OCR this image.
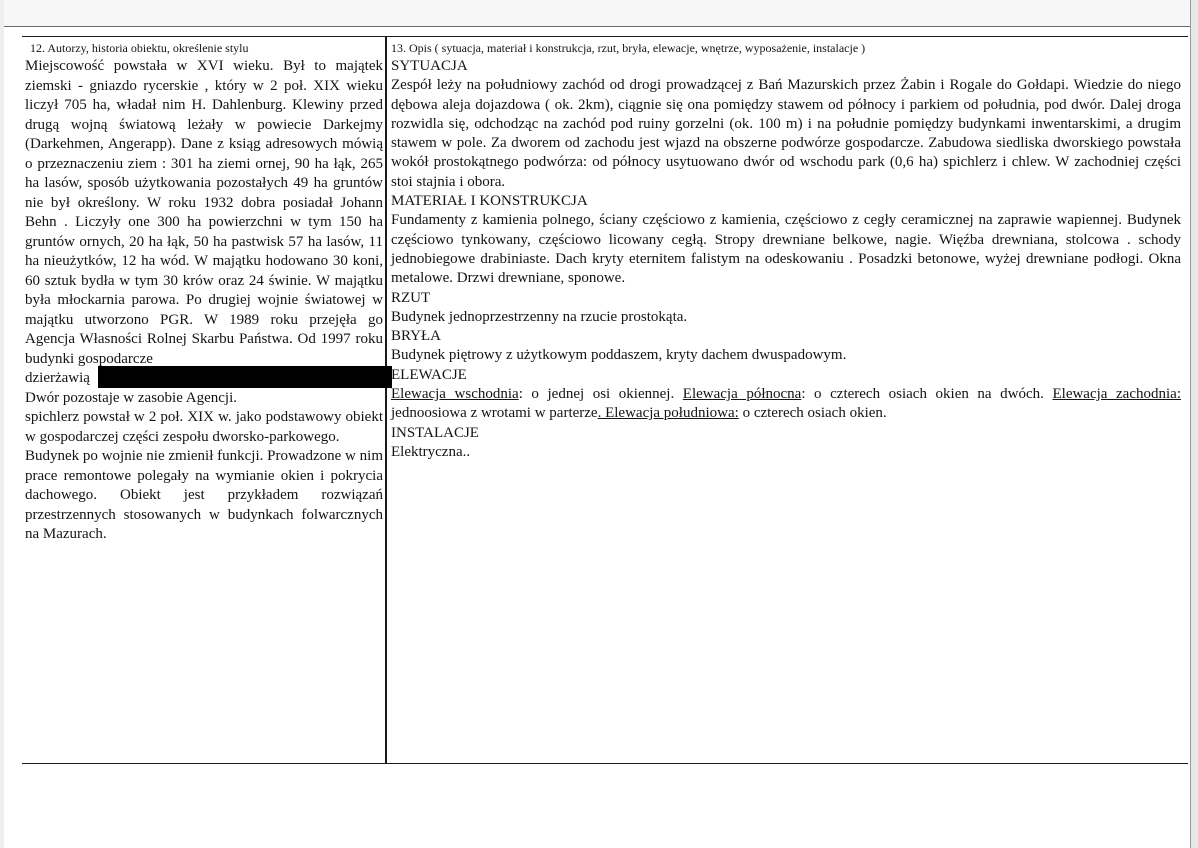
12. Autorzy, historia obiektu, określenie stylu

Miejscowość powstała w XVI wieku. Był to majątek ziemski - gniazdo rycerskie , który w 2 poł. XIX wieku liczył 705 ha, władał nim H. Dahlenburg. Klewiny przed drugą wojną światową leżały w powiecie Darkejmy (Darkehmen, Angerapp). Dane z ksiąg adresowych mówią o przeznaczeniu ziem : 301 ha ziemi ornej, 90 ha łąk, 265 ha lasów, sposób użytkowania pozostałych 49 ha gruntów nie był określony. W roku 1932 dobra posiadał Johann Behn . Liczyły one 300 ha powierzchni w tym 150 ha gruntów ornych, 20 ha łąk, 50 ha pastwisk 57 ha lasów, 11 ha nieużytków, 12 ha wód. W majątku hodowano 30 koni, 60 sztuk bydła w tym 30 krów oraz 24 świnie. W majątku była młockarnia parowa. Po drugiej wojnie światowej w majątku utworzono PGR. W 1989 roku przejęła go Agencja Własności Rolnej Skarbu Państwa. Od 1997 roku budynki gospodarcze

dzierżawią

Dwór pozostaje w zasobie Agencji.

spichlerz powstał w 2 poł. XIX w. jako podstawowy obiekt w gospodarczej części zespołu dworsko-parkowego.

Budynek po wojnie nie zmienił funkcji. Prowadzone w nim prace remontowe polegały na wymianie okien i pokrycia dachowego. Obiekt jest przykładem rozwiązań przestrzennych stosowanych w budynkach folwarcznych na Mazurach.

13. Opis ( sytuacja, materiał i konstrukcja, rzut, bryła, elewacje, wnętrze, wyposażenie, instalacje )
SYTUACJA

Zespół leży na południowy zachód od drogi prowadzącej z Bań Mazurskich przez Żabin i Rogale do Gołdapi. Wiedzie do niego dębowa aleja dojazdowa ( ok. 2km), ciągnie się ona pomiędzy stawem od północy i parkiem od południa, pod dwór. Dalej droga rozwidla się, odchodząc na zachód pod ruiny gorzelni (ok. 100 m) i na południe pomiędzy budynkami inwentarskimi, a drugim stawem w pole. Za dworem od zachodu jest wjazd na obszerne podwórze gospodarcze. Zabudowa siedliska dworskiego powstała wokół prostokątnego podwórza: od północy usytuowano dwór od wschodu park (0,6 ha) spichlerz i chlew. W zachodniej części stoi stajnia i obora.

MATERIAŁ I KONSTRUKCJA

Fundamenty z kamienia polnego, ściany częściowo z kamienia, częściowo z cegły ceramicznej na zaprawie wapiennej. Budynek częściowo tynkowany, częściowo licowany cegłą. Stropy drewniane belkowe, nagie. Więźba drewniana, stolcowa . schody jednobiegowe drabiniaste. Dach kryty eternitem falistym na odeskowaniu . Posadzki betonowe, wyżej drewniane podłogi. Okna metalowe. Drzwi drewniane, sponowe.

RZUT

Budynek jednoprzestrzenny na rzucie prostokąta.

BRYŁA

Budynek piętrowy z użytkowym poddaszem, kryty dachem dwuspadowym.

ELEWACJE

Elewacja wschodnia: o jednej osi okiennej. Elewacja północna: o czterech osiach okien na dwóch. Elewacja zachodnia: jednoosiowa z wrotami w parterze. Elewacja południowa: o czterech osiach okien.

INSTALACJE

Elektryczna..
